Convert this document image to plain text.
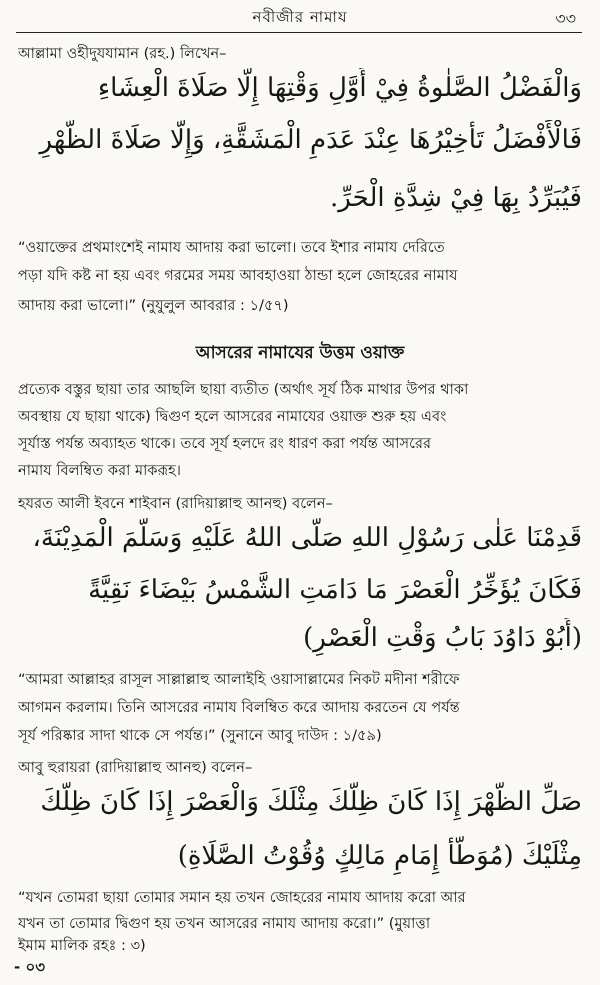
নবীজীর নামায	৩৩
আল্লামা ওহীদুযযামান (রহ.) লিখেন–
وَالْفَضْلُ الصَّلٰوةُ فِيْ أَوَّلِ وَقْتِهَا إِلَّا صَلَاةَ الْعِشَاءِ
فَالْأَفْضَلُ تَأْخِيْرُهَا عِنْدَ عَدَمِ الْمَشَقَّةِ، وَإِلَّا صَلَاةَ الظُّهْرِ
فَيُبَرِّدُ بِهَا فِيْ شِدَّةِ الْحَرِّ.
“ওয়াক্তের প্রথমাংশেই নামায আদায় করা ভালো। তবে ইশার নামায দেরিতে
পড়া যদি কষ্ট না হয় এবং গরমের সময় আবহাওয়া ঠান্ডা হলে জোহরের নামায
আদায় করা ভালো।” (নুযুলুল আবরার : ১/৫৭)
আসরের নামাযের উত্তম ওয়াক্ত
প্রত্যেক বস্তুর ছায়া তার আছলি ছায়া ব্যতীত (অর্থাৎ সূর্য ঠিক মাথার উপর থাকা
অবস্থায় যে ছায়া থাকে) দ্বিগুণ হলে আসরের নামাযের ওয়াক্ত শুরু হয় এবং
সূর্যাস্ত পর্যন্ত অব্যাহত থাকে। তবে সূর্য হলদে রং ধারণ করা পর্যন্ত আসরের
নামায বিলম্বিত করা মাকরূহ।
হযরত আলী ইবনে শাইবান (রাদিয়াল্লাহু আনহু) বলেন–
قَدِمْنَا عَلٰى رَسُوْلِ اللهِ صَلَّى اللهُ عَلَيْهِ وَسَلَّمَ الْمَدِيْنَةَ،
فَكَانَ يُؤَخِّرُ الْعَصْرَ مَا دَامَتِ الشَّمْسُ بَيْضَاءَ نَقِيَّةً
(أَبُوْ دَاوُدَ بَابُ وَقْتِ الْعَصْرِ)
“আমরা আল্লাহর রাসূল সাল্লাল্লাহু আলাইহি ওয়াসাল্লামের নিকট মদীনা শরীফে
আগমন করলাম। তিনি আসরের নামায বিলম্বিত করে আদায় করতেন যে পর্যন্ত
সূর্য পরিষ্কার সাদা থাকে সে পর্যন্ত।” (সুনানে আবু দাউদ : ১/৫৯)
আবু হুরায়রা (রাদিয়াল্লাহু আনহু) বলেন–
صَلِّ الظُّهْرَ إِذَا كَانَ ظِلُّكَ مِثْلَكَ وَالْعَصْرَ إِذَا كَانَ ظِلُّكَ
مِثْلَيْكَ (مُوَطَّأُ إِمَامِ مَالِكٍ وُقُوْتُ الصَّلَاةِ)
“যখন তোমরা ছায়া তোমার সমান হয় তখন জোহরের নামায আদায় করো আর
যখন তা তোমার দ্বিগুণ হয় তখন আসরের নামায আদায় করো।” (মুয়াত্তা
ইমাম মালিক রহঃ : ৩)
- ০৩
